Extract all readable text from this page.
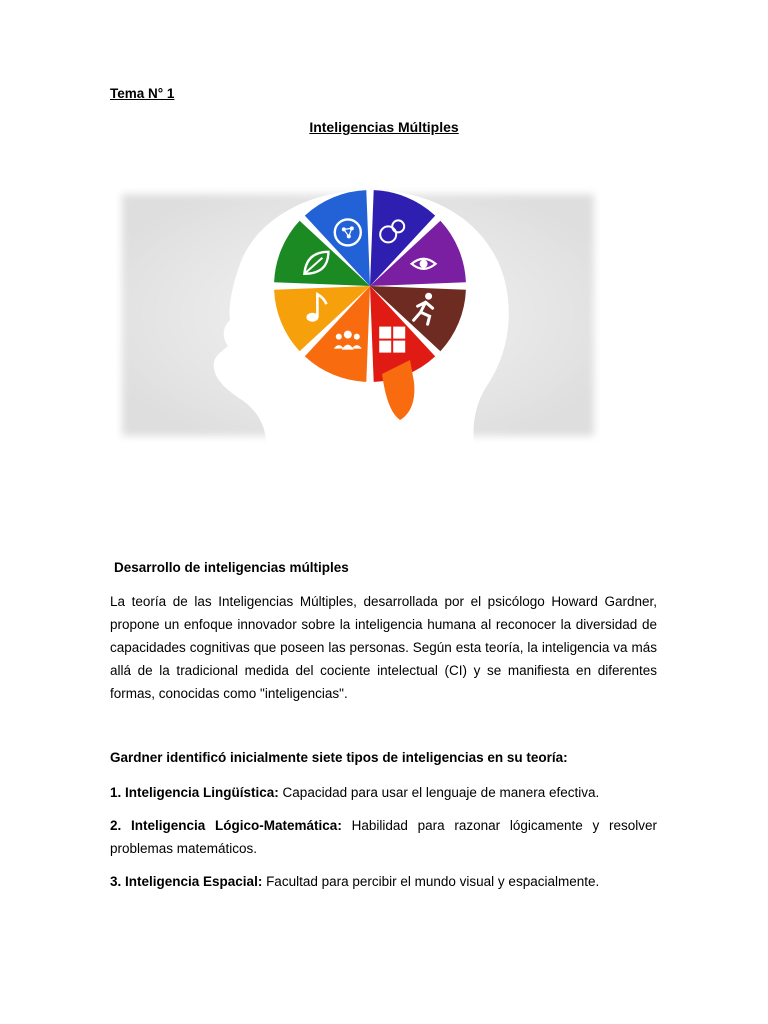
Tema N° 1
Inteligencias Múltiples
Desarrollo de inteligencias múltiples

La teoría de las Inteligencias Múltiples, desarrollada por el psicólogo Howard Gardner, propone un enfoque innovador sobre la inteligencia humana al reconocer la diversidad de capacidades cognitivas que poseen las personas. Según esta teoría, la inteligencia va más allá de la tradicional medida del cociente intelectual (CI) y se manifiesta en diferentes formas, conocidas como "inteligencias".

Gardner identificó inicialmente siete tipos de inteligencias en su teoría:

1. Inteligencia Lingüística: Capacidad para usar el lenguaje de manera efectiva.

2. Inteligencia Lógico-Matemática: Habilidad para razonar lógicamente y resolver problemas matemáticos.

3. Inteligencia Espacial: Facultad para percibir el mundo visual y espacialmente.
